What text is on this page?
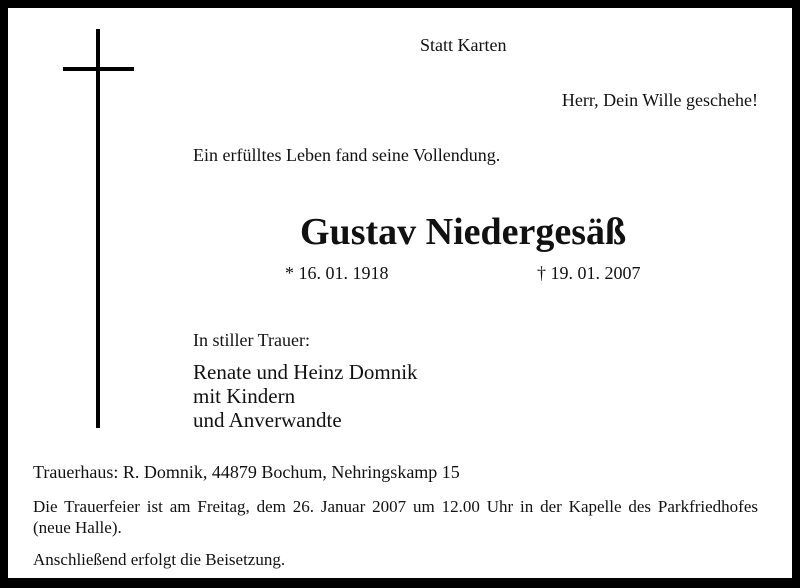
Statt Karten
Herr, Dein Wille geschehe!
Ein erfülltes Leben fand seine Vollendung.
Gustav Niedergesäß
* 16. 01. 1918	† 19. 01. 2007
In stiller Trauer:
Renate und Heinz Domnik
mit Kindern
und Anverwandte
Trauerhaus: R. Domnik, 44879 Bochum, Nehringskamp 15
Die Trauerfeier ist am Freitag, dem 26. Januar 2007 um 12.00 Uhr in der Kapelle des Parkfriedhofes (neue Halle).
Anschließend erfolgt die Beisetzung.
